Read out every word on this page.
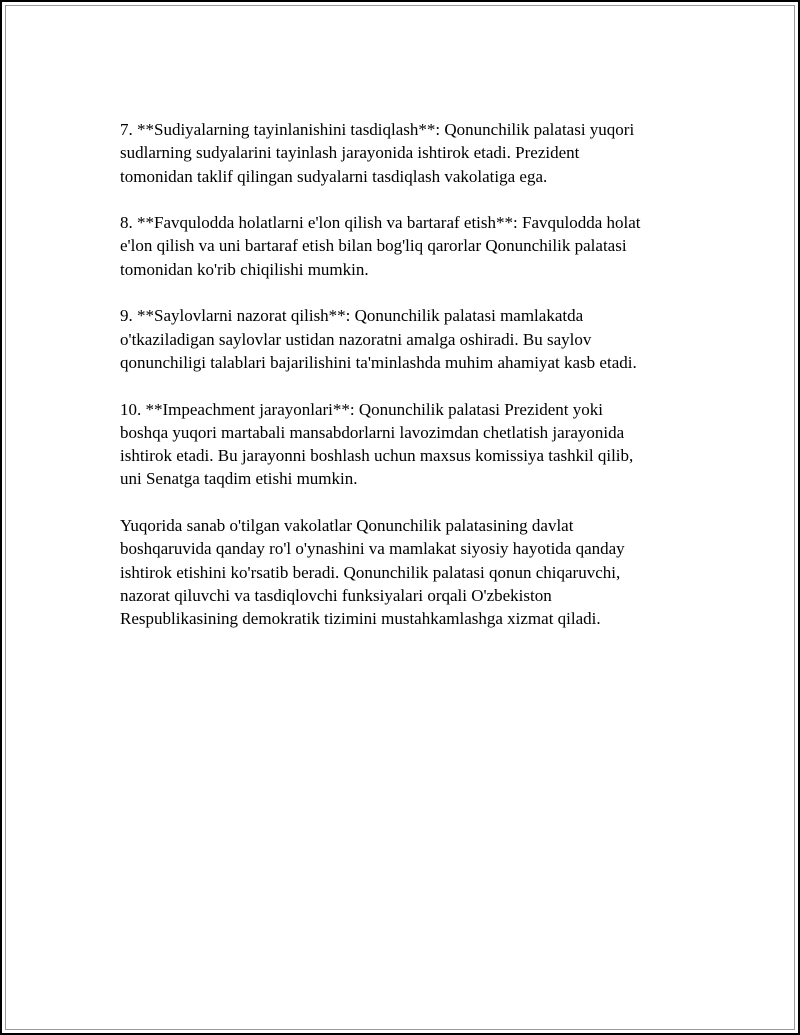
7. **Sudiyalarning tayinlanishini tasdiqlash**: Qonunchilik palatasi yuqori
sudlarning sudyalarini tayinlash jarayonida ishtirok etadi. Prezident
tomonidan taklif qilingan sudyalarni tasdiqlash vakolatiga ega.

8. **Favqulodda holatlarni e'lon qilish va bartaraf etish**: Favqulodda holat
e'lon qilish va uni bartaraf etish bilan bog'liq qarorlar Qonunchilik palatasi
tomonidan ko'rib chiqilishi mumkin.

9. **Saylovlarni nazorat qilish**: Qonunchilik palatasi mamlakatda
o'tkaziladigan saylovlar ustidan nazoratni amalga oshiradi. Bu saylov
qonunchiligi talablari bajarilishini ta'minlashda muhim ahamiyat kasb etadi.

10. **Impeachment jarayonlari**: Qonunchilik palatasi Prezident yoki
boshqa yuqori martabali mansabdorlarni lavozimdan chetlatish jarayonida
ishtirok etadi. Bu jarayonni boshlash uchun maxsus komissiya tashkil qilib,
uni Senatga taqdim etishi mumkin.

Yuqorida sanab o'tilgan vakolatlar Qonunchilik palatasining davlat
boshqaruvida qanday ro'l o'ynashini va mamlakat siyosiy hayotida qanday
ishtirok etishini ko'rsatib beradi. Qonunchilik palatasi qonun chiqaruvchi,
nazorat qiluvchi va tasdiqlovchi funksiyalari orqali O'zbekiston
Respublikasining demokratik tizimini mustahkamlashga xizmat qiladi.
